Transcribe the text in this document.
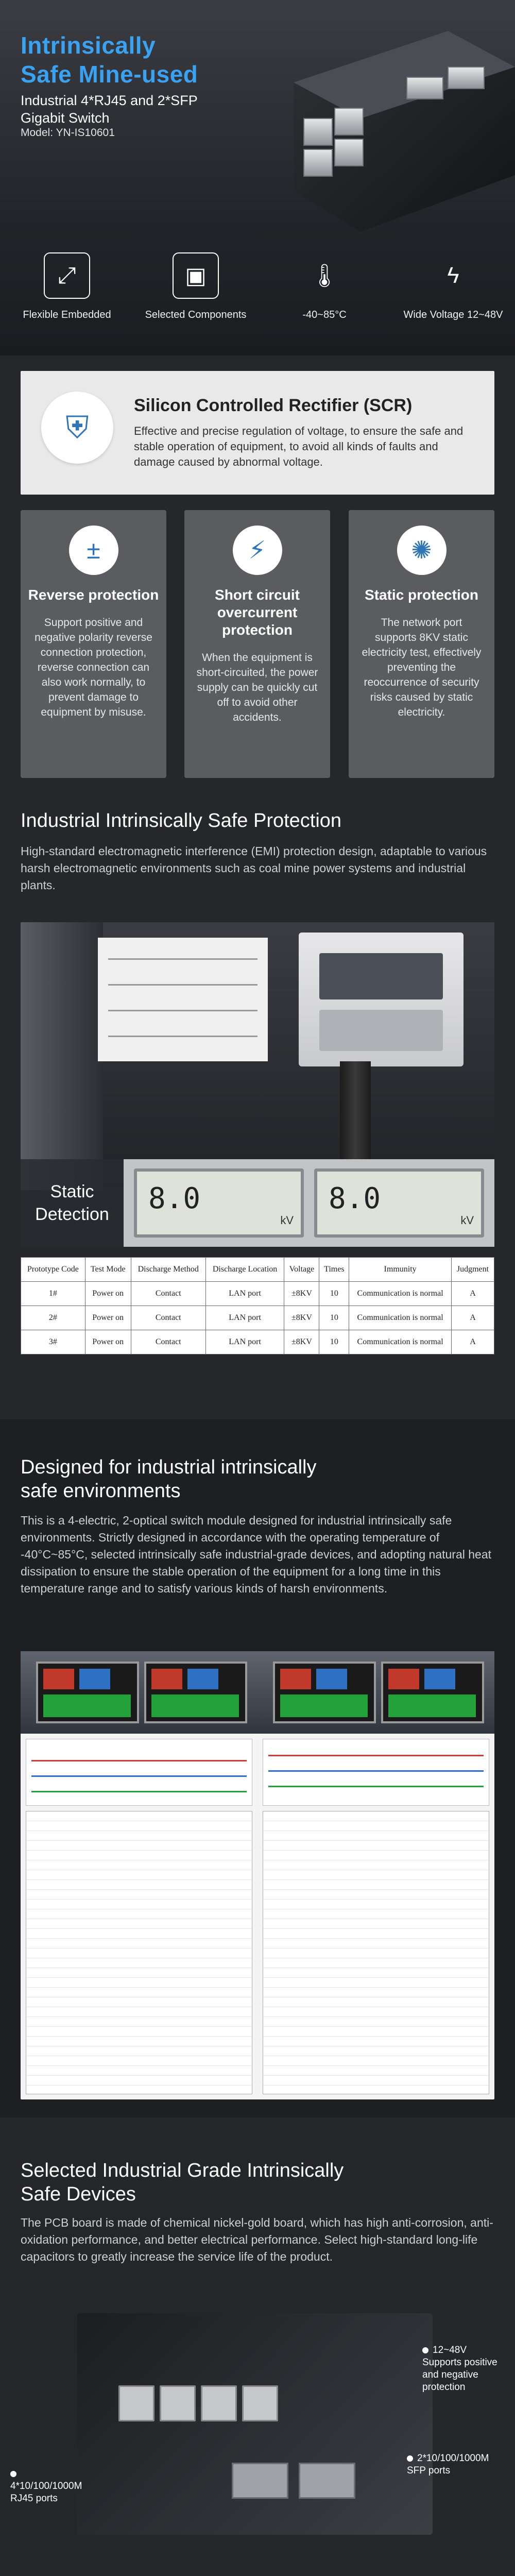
Intrinsically
Safe Mine-used
Industrial 4*RJ45 and 2*SFP
Gigabit Switch
Model: YN-IS10601
⤢
Flexible Embedded
▣
Selected Components
🌡
-40~85°C
ϟ
Wide Voltage 12~48V
⛨
Silicon Controlled Rectifier (SCR)
Effective and precise regulation of voltage, to ensure the safe and stable operation of equipment, to avoid all kinds of faults and damage caused by abnormal voltage.
±
Reverse protection
Support positive and negative polarity reverse connection protection, reverse connection can also work normally, to prevent damage to equipment by misuse.
⚡
Short circuit overcurrent protection
When the equipment is short-circuited, the power supply can be quickly cut off to avoid other accidents.
✺
Static protection
The network port supports 8KV static electricity test, effectively preventing the reoccurrence of security risks caused by static electricity.
Industrial Intrinsically Safe Protection
High-standard electromagnetic interference (EMI) protection design, adaptable to various harsh electromagnetic environments such as coal mine power systems and industrial plants.
Static Detection	8.0
kV
8.0
kV
Prototype Code	Test Mode	Discharge Method	Discharge Location	Voltage	Times	Immunity	Judgment
1#	Power on	Contact	LAN port	±8KV	10	Communication is normal	A
2#	Power on	Contact	LAN port	±8KV	10	Communication is normal	A
3#	Power on	Contact	LAN port	±8KV	10	Communication is normal	A
Designed for industrial intrinsically
safe environments
This is a 4-electric, 2-optical switch module designed for industrial intrinsically safe environments. Strictly designed in accordance with the operating temperature of -40°C~85°C, selected intrinsically safe industrial-grade devices, and adopting natural heat dissipation to ensure the stable operation of the equipment for a long time in this temperature range and to satisfy various kinds of harsh environments.
Selected Industrial Grade Intrinsically
Safe Devices
The PCB board is made of chemical nickel-gold board, which has high anti-corrosion, anti-oxidation performance, and better electrical performance. Select high-standard long-life capacitors to greatly increase the service life of the product.
4*10/100/1000M RJ45 ports
12~48V Supports positive and negative protection
2*10/100/1000M SFP ports
